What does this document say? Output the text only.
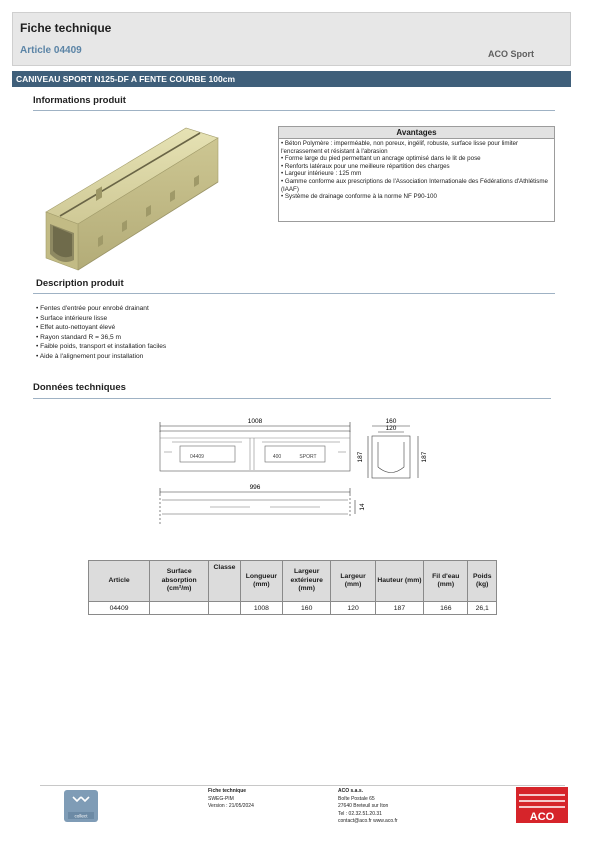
Fiche technique
Article 04409	ACO Sport
CANIVEAU SPORT N125-DF A FENTE COURBE 100cm
Informations produit
Avantages
• Béton Polymère : imperméable, non poreux, ingélif, robuste, surface lisse pour limiter l'encrassement et résistant à l'abrasion
• Forme large du pied permettant un ancrage optimisé dans le lit de pose
• Renforts latéraux pour une meilleure répartition des charges
• Largeur intérieure : 125 mm
• Gamme conforme aux prescriptions de l'Association Internationale des Fédérations d'Athlétisme (IAAF)
• Système de drainage conforme à la norme NF P90-100
Description produit
• Fentes d'entrée pour enrobé drainant
• Surface intérieure lisse
• Effet auto-nettoyant élevé
• Rayon standard R = 36,5 m
• Faible poids, transport et installation faciles
• Aide à l'alignement pour installation
Données techniques
1008
996
14
160
120
187	187
04409	400	SPORT
Article	Surface absorption (cm²/m)	Classe	Longueur (mm)	Largeur extérieure (mm)	Largeur (mm)	Hauteur (mm)	Fil d'eau (mm)	Poids (kg)
04409			1008	160	120	187	166	26,1
collect
Fiche technique
SWEG-PIM
Version : 21/05/2024
ACO s.a.s.
Boîte Postale 65
27640 Breteuil sur Iton
Tel : 02.32.51.20.31
contact@aco.fr www.aco.fr	ACO
